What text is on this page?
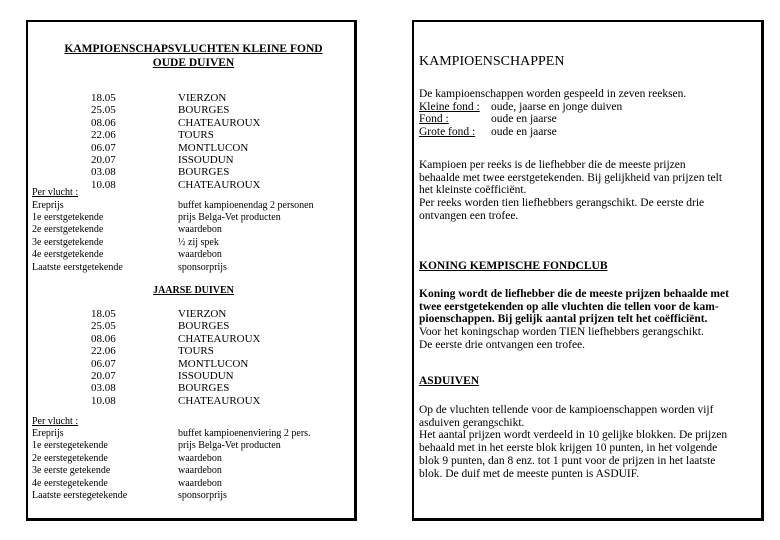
KAMPIOENSCHAPSVLUCHTEN KLEINE FOND
OUDE DUIVEN
18.05
25.05
08.06
22.06
06.07
20.07
03.08
10.08
VIERZON
BOURGES
CHATEAUROUX
TOURS
MONTLUCON
ISSOUDUN
BOURGES
CHATEAUROUX
Per vlucht :
Ereprijs
1e eerstgetekende
2e eerstgetekende
3e eerstgetekende
4e eerstgetekende
Laatste eerstgetekende
buffet kampioenendag 2 personen
prijs Belga-Vet producten
waardebon
½ zij spek
waardebon
sponsorprijs
JAARSE DUIVEN
18.05
25.05
08.06
22.06
06.07
20.07
03.08
10.08
VIERZON
BOURGES
CHATEAUROUX
TOURS
MONTLUCON
ISSOUDUN
BOURGES
CHATEAUROUX
Per vlucht :
Ereprijs
1e eerstegetekende
2e eerstegetekende
3e eerste getekende
4e eerstegetekende
Laatste eerstegetekende
buffet kampioenenviering 2 pers.
prijs Belga-Vet producten
waardebon
waardebon
waardebon
sponsorprijs
KAMPIOENSCHAPPEN
De kampioenschappen worden gespeeld in zeven reeksen.
Kleine fond : oude, jaarse en jonge duiven
Fond :	oude en jaarse
Grote fond : oude en jaarse
Kampioen per reeks is de liefhebber die de meeste prijzen
behaalde met twee eerstgetekenden. Bij gelijkheid van prijzen telt
het kleinste coëfficiënt.
Per reeks worden tien liefhebbers gerangschikt. De eerste drie
ontvangen een trofee.
KONING KEMPISCHE FONDCLUB
Koning wordt de liefhebber die de meeste prijzen behaalde met
twee eerstgetekenden op alle vluchten die tellen voor de kam-
pioenschappen. Bij gelijk aantal prijzen telt het coëfficiënt.
Voor het koningschap worden TIEN liefhebbers gerangschikt.
De eerste drie ontvangen een trofee.
ASDUIVEN
Op de vluchten tellende voor de kampioenschappen worden vijf
asduiven gerangschikt.
Het aantal prijzen wordt verdeeld in 10 gelijke blokken. De prijzen
behaald met in het eerste blok krijgen 10 punten, in het volgende
blok 9 punten, dan 8 enz. tot 1 punt voor de prijzen in het laatste
blok. De duif met de meeste punten is ASDUIF.
